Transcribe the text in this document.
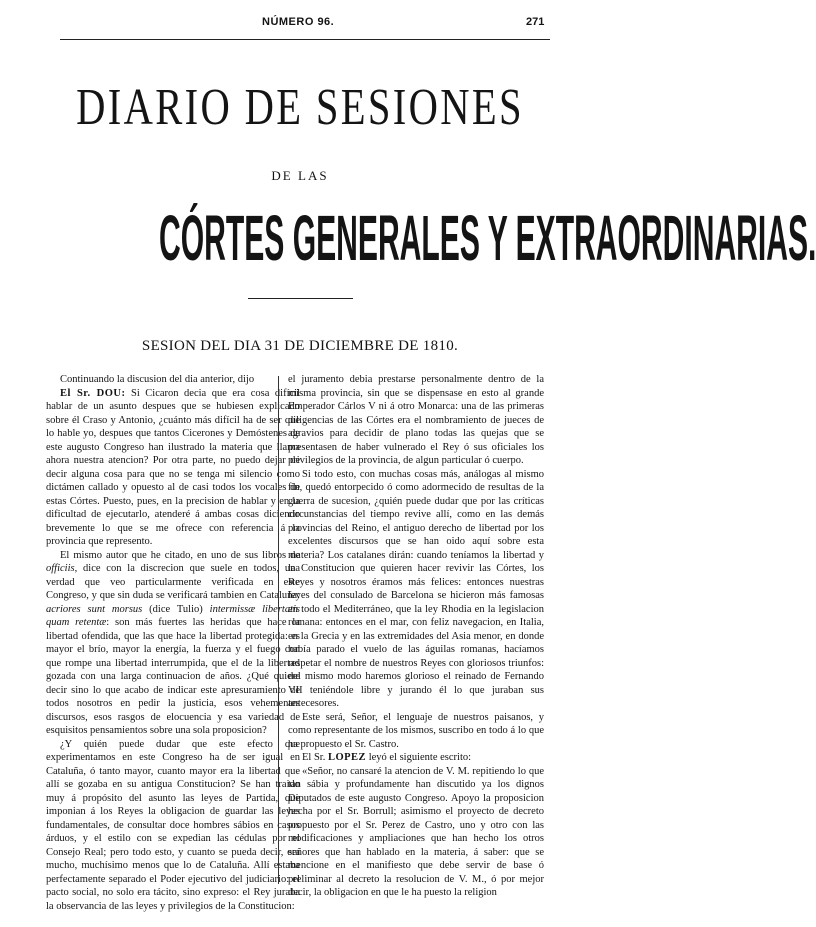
NÚMERO 96.	271
DIARIO DE SESIONES
DE LAS
CÓRTES GENERALES Y EXTRAORDINARIAS.
SESION DEL DIA 31 DE DICIEMBRE DE 1810.

Continuando la discusion del dia anterior, dijo

El Sr. DOU: Si Cicaron decia que era cosa difícil hablar de un asunto despues que se hubiesen explicado sobre él Craso y Antonio, ¿cuánto más difícil ha de ser que lo hable yo, despues que tantos Cicerones y Demóstenes de este augusto Congreso han ilustrado la materia que llama ahora nuestra atencion? Por otra parte, no puedo dejar de decir alguna cosa para que no se tenga mi silencio como dictámen callado y opuesto al de casi todos los vocales de estas Córtes. Puesto, pues, en la precision de hablar y en la dificultad de ejecutarlo, atenderé á ambas cosas diciendo brevemente lo que se me ofrece con referencia á la provincia que represento.

El mismo autor que he citado, en uno de sus libros de officiis, dice con la discrecion que suele en todos, una verdad que veo particularmente verificada en este Congreso, y que sin duda se verificará tambien en Cataluña: acriores sunt morsus (dice Tulio) intermissæ libertatis quam retentæ: son más fuertes las heridas que hace la libertad ofendida, que las que hace la libertad protegida: es mayor el brío, mayor la energía, la fuerza y el fuego con que rompe una libertad interrumpida, que el de la libertad gozada con una larga continuacion de años. ¿Qué quiere decir sino lo que acabo de indicar este apresuramiento de todos nosotros en pedir la justicia, esos vehementes discursos, esos rasgos de elocuencia y esa variedad de esquisitos pensamientos sobre una sola proposicion?

¿Y quién puede dudar que este efecto que experimentamos en este Congreso ha de ser igual en Cataluña, ó tanto mayor, cuanto mayor era la libertad que allí se gozaba en su antigua Constitucion? Se han traido muy á propósito del asunto las leyes de Partida, que imponian á los Reyes la obligacion de guardar las leyes fundamentales, de consultar doce hombres sábios en casos árduos, y el estilo con se expedian las cédulas por el Consejo Real; pero todo esto, y cuanto se pueda decir, era mucho, muchísimo menos que lo de Cataluña. Allí estaba perfectamente separado el Poder ejecutivo del judiciario: el pacto social, no solo era tácito, sino expreso: el Rey juraba la observancia de las leyes y privilegios de la Constitucion:

el juramento debia prestarse personalmente dentro de la misma provincia, sin que se dispensase en esto al grande Emperador Cárlos V ni á otro Monarca: una de las primeras diligencias de las Córtes era el nombramiento de jueces de agravios para decidir de plano todas las quejas que se presentasen de haber vulnerado el Rey ó sus oficiales los privilegios de la provincia, de algun particular ó cuerpo.

Si todo esto, con muchas cosas más, análogas al mismo fin, quedó entorpecido ó como adormecido de resultas de la guerra de sucesion, ¿quién puede dudar que por las críticas circunstancias del tiempo revive allí, como en las demás provincias del Reino, el antiguo derecho de libertad por los excelentes discursos que se han oido aquí sobre esta materia? Los catalanes dirán: cuando teníamos la libertad y la Constitucion que quieren hacer revivir las Córtes, los Reyes y nosotros éramos más felices: entonces nuestras leyes del consulado de Barcelona se hicieron más famosas en todo el Mediterráneo, que la ley Rhodia en la legislacion romana: entonces en el mar, con feliz navegacion, en Italia, en la Grecia y en las extremidades del Asia menor, en donde había parado el vuelo de las águilas romanas, hacíamos respetar el nombre de nuestros Reyes con gloriosos triunfos: del mismo modo haremos glorioso el reinado de Fernando VII teniéndole libre y jurando él lo que juraban sus antecesores.

Este será, Señor, el lenguaje de nuestros paisanos, y como representante de los mismos, suscribo en todo á lo que ha propuesto el Sr. Castro.

El Sr. LOPEZ leyó el siguiente escrito:

«Señor, no cansaré la atencion de V. M. repitiendo lo que tan sábia y profundamente han discutido ya los dignos Diputados de este augusto Congreso. Apoyo la proposicion hecha por el Sr. Borrull; asimismo el proyecto de decreto propuesto por el Sr. Perez de Castro, uno y otro con las modificaciones y ampliaciones que han hecho los otros señores que han hablado en la materia, á saber: que se mencione en el manifiesto que debe servir de base ó preliminar al decreto la resolucion de V. M., ó por mejor decir, la obligacion en que le ha puesto la religion
